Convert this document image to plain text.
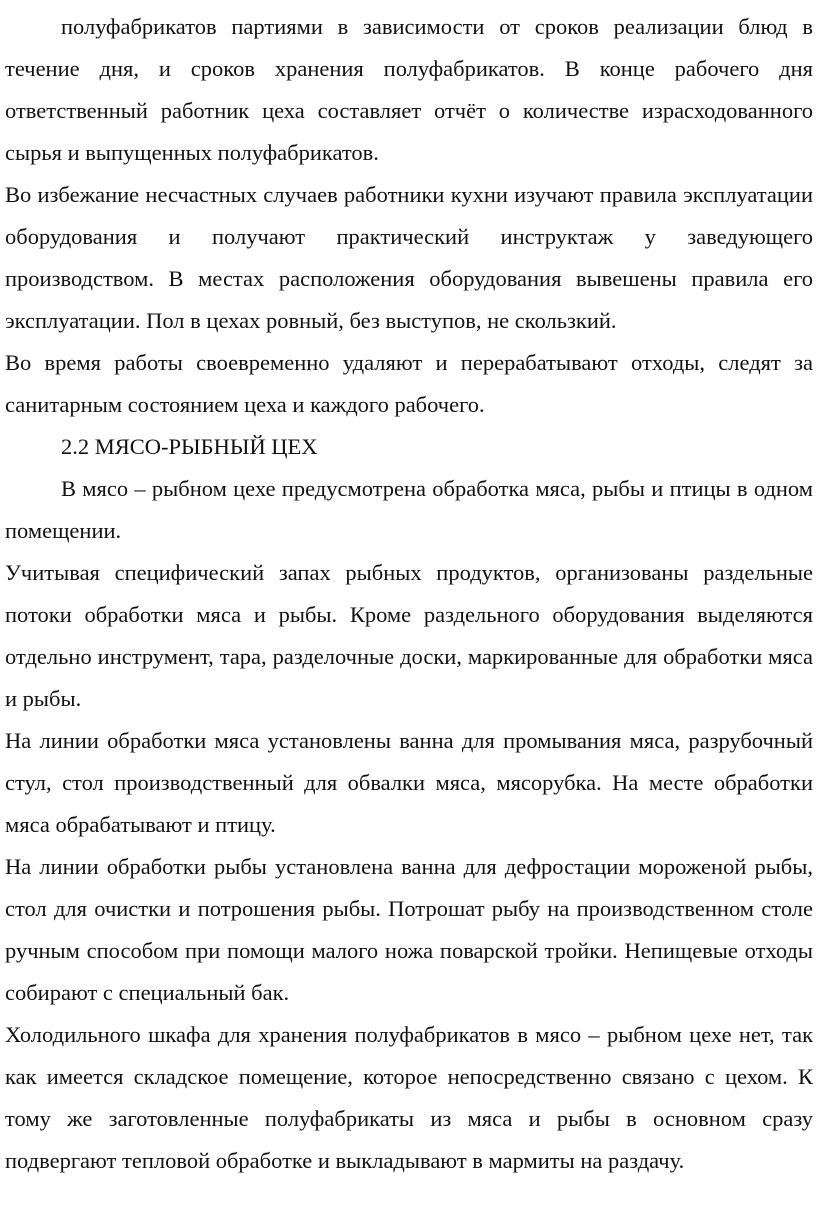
полуфабрикатов партиями в зависимости от сроков реализации блюд в течение дня, и сроков хранения полуфабрикатов. В конце рабочего дня ответственный работник цеха составляет отчёт о количестве израсходованного сырья и выпущенных полуфабрикатов.

Во избежание несчастных случаев работники кухни изучают правила эксплуатации оборудования и получают практический инструктаж у заведующего производством. В местах расположения оборудования вывешены правила его эксплуатации. Пол в цехах ровный, без выступов, не скользкий.

Во время работы своевременно удаляют и перерабатывают отходы, следят за санитарным состоянием цеха и каждого рабочего.

2.2 МЯСО-РЫБНЫЙ ЦЕХ

В мясо – рыбном цехе предусмотрена обработка мяса, рыбы и птицы в одном помещении.

Учитывая специфический запах рыбных продуктов, организованы раздельные потоки обработки мяса и рыбы. Кроме раздельного оборудования выделяются отдельно инструмент, тара, разделочные доски, маркированные для обработки мяса и рыбы.

На линии обработки мяса установлены ванна для промывания мяса, разрубочный стул, стол производственный для обвалки мяса, мясорубка. На месте обработки мяса обрабатывают и птицу.

На линии обработки рыбы установлена ванна для дефростации мороженой рыбы, стол для очистки и потрошения рыбы. Потрошат рыбу на производственном столе ручным способом при помощи малого ножа поварской тройки. Непищевые отходы собирают с специальный бак.

Холодильного шкафа для хранения полуфабрикатов в мясо – рыбном цехе нет, так как имеется складское помещение, которое непосредственно связано с цехом. К тому же заготовленные полуфабрикаты из мяса и рыбы в основном сразу подвергают тепловой обработке и выкладывают в мармиты на раздачу.
